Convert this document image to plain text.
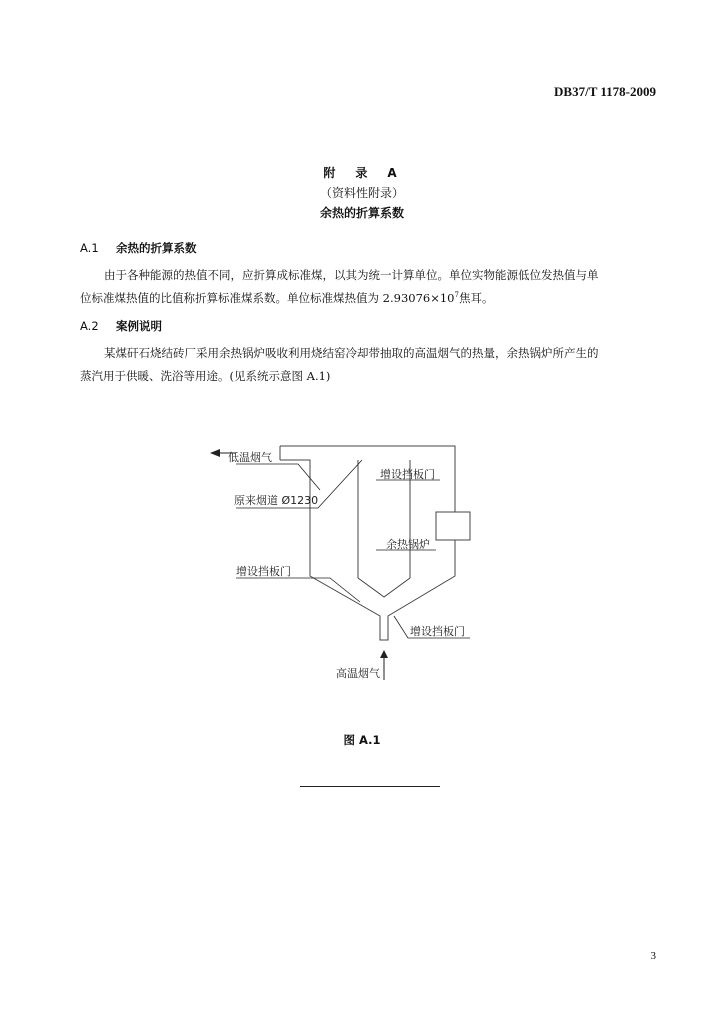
DB37/T 1178-2009
附　录　A
（资料性附录）
余热的折算系数
A.1 余热的折算系数
由于各种能源的热值不同，应折算成标准煤，以其为统一计算单位。单位实物能源低位发热值与单
位标准煤热值的比值称折算标准煤系数。单位标准煤热值为 $2.93076\times 10^7$焦耳。
A.2 案例说明
某煤矸石烧结砖厂采用余热锅炉吸收利用烧结窑冷却带抽取的高温烟气的热量，余热锅炉所产生的
蒸汽用于供暖、洗浴等用途。(见系统示意图 A.1)
低温烟气
原来烟道 Ø1230
增设挡板门
余热锅炉
增设挡板门
增设挡板门
高温烟气
图 A.1
3
